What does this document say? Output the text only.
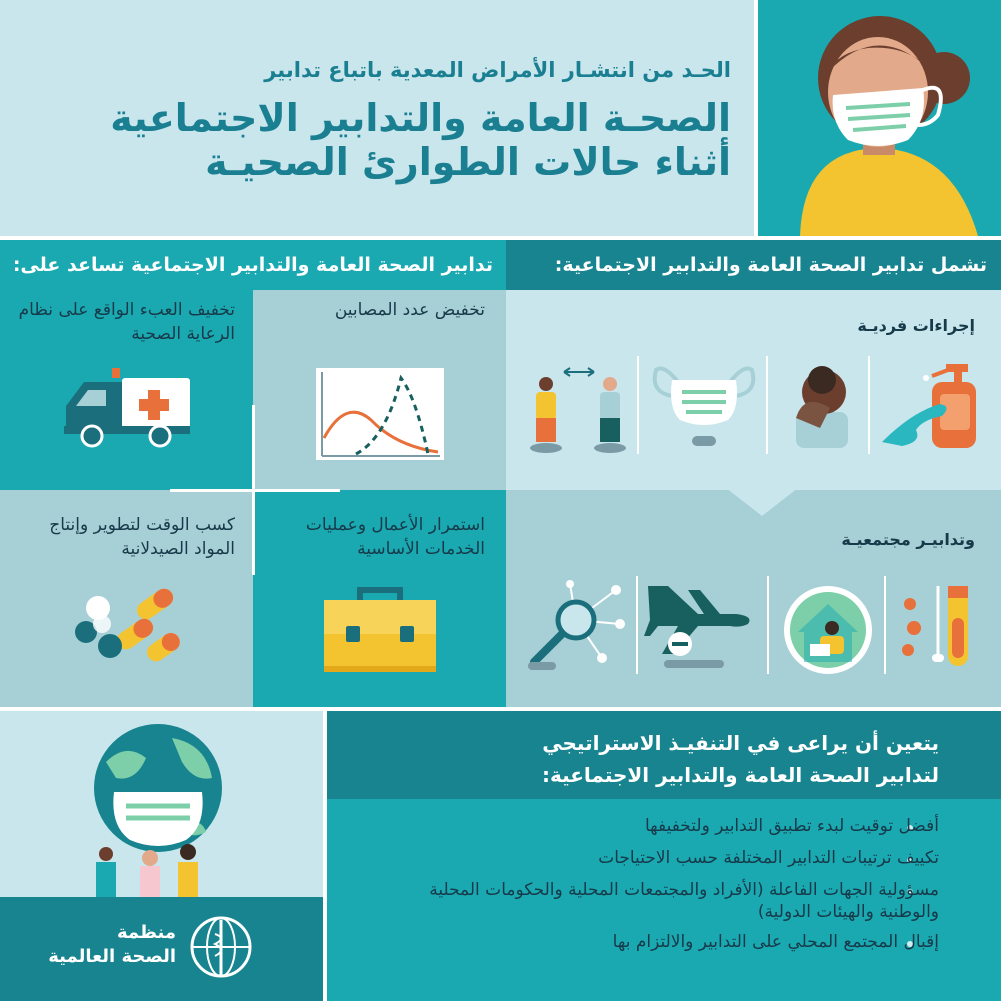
الحـد من انتشـار الأمراض المعدية باتباع تدابير
الصحـة العامة والتدابير الاجتماعية
أثناء حالات الطوارئ الصحيـة
تدابير الصحة العامة والتدابير الاجتماعية تساعد على:	تشمل تدابير الصحة العامة والتدابير الاجتماعية:
تخفيض عدد المصابين
تخفيف العبء الواقع على نظام الرعاية الصحية
استمرار الأعمال وعمليات الخدمات الأساسية
كسب الوقت لتطوير وإنتاج المواد الصيدلانية
إجراءات فرديـة
وتدابيـر مجتمعيـة
منظمة
الصحة العالمية
يتعين أن يراعى في التنفيـذ الاستراتيجي
لتدابير الصحة العامة والتدابير الاجتماعية:
أفضل توقيت لبدء تطبيق التدابير ولتخفيفها
تكييف ترتيبات التدابير المختلفة حسب الاحتياجات
مسؤولية الجهات الفاعلة (الأفراد والمجتمعات المحلية والحكومات المحلية والوطنية والهيئات الدولية)
إقبال المجتمع المحلي على التدابير والالتزام بها
